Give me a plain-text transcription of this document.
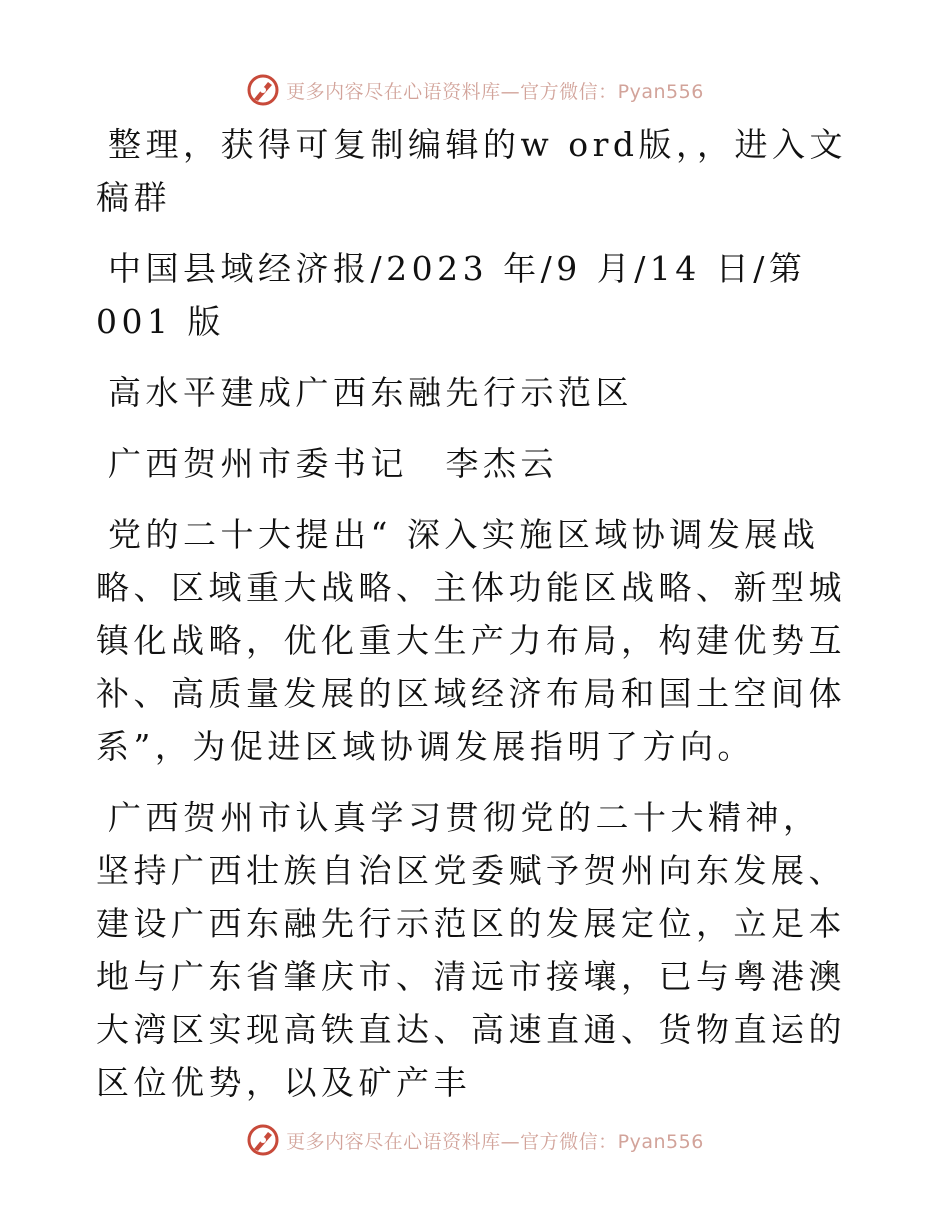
更多内容尽在心语资料库—官方微信：Pyan556

整理，获得可复制编辑的w ord版，，进入文稿群

中国县域经济报/2023 年/9 月/14 日/第 001 版

高水平建成广西东融先行示范区

广西贺州市委书记　李杰云

党的二十大提出“ 深入实施区域协调发展战略、区域重大战略、主体功能区战略、新型城镇化战略，优化重大生产力布局，构建优势互补、高质量发展的区域经济布局和国土空间体系”，为促进区域协调发展指明了方向。

广西贺州市认真学习贯彻党的二十大精神，坚持广西壮族自治区党委赋予贺州向东发展、建设广西东融先行示范区的发展定位，立足本地与广东省肇庆市、清远市接壤，已与粤港澳大湾区实现高铁直达、高速直通、货物直运的区位优势，以及矿产丰

更多内容尽在心语资料库—官方微信：Pyan556
